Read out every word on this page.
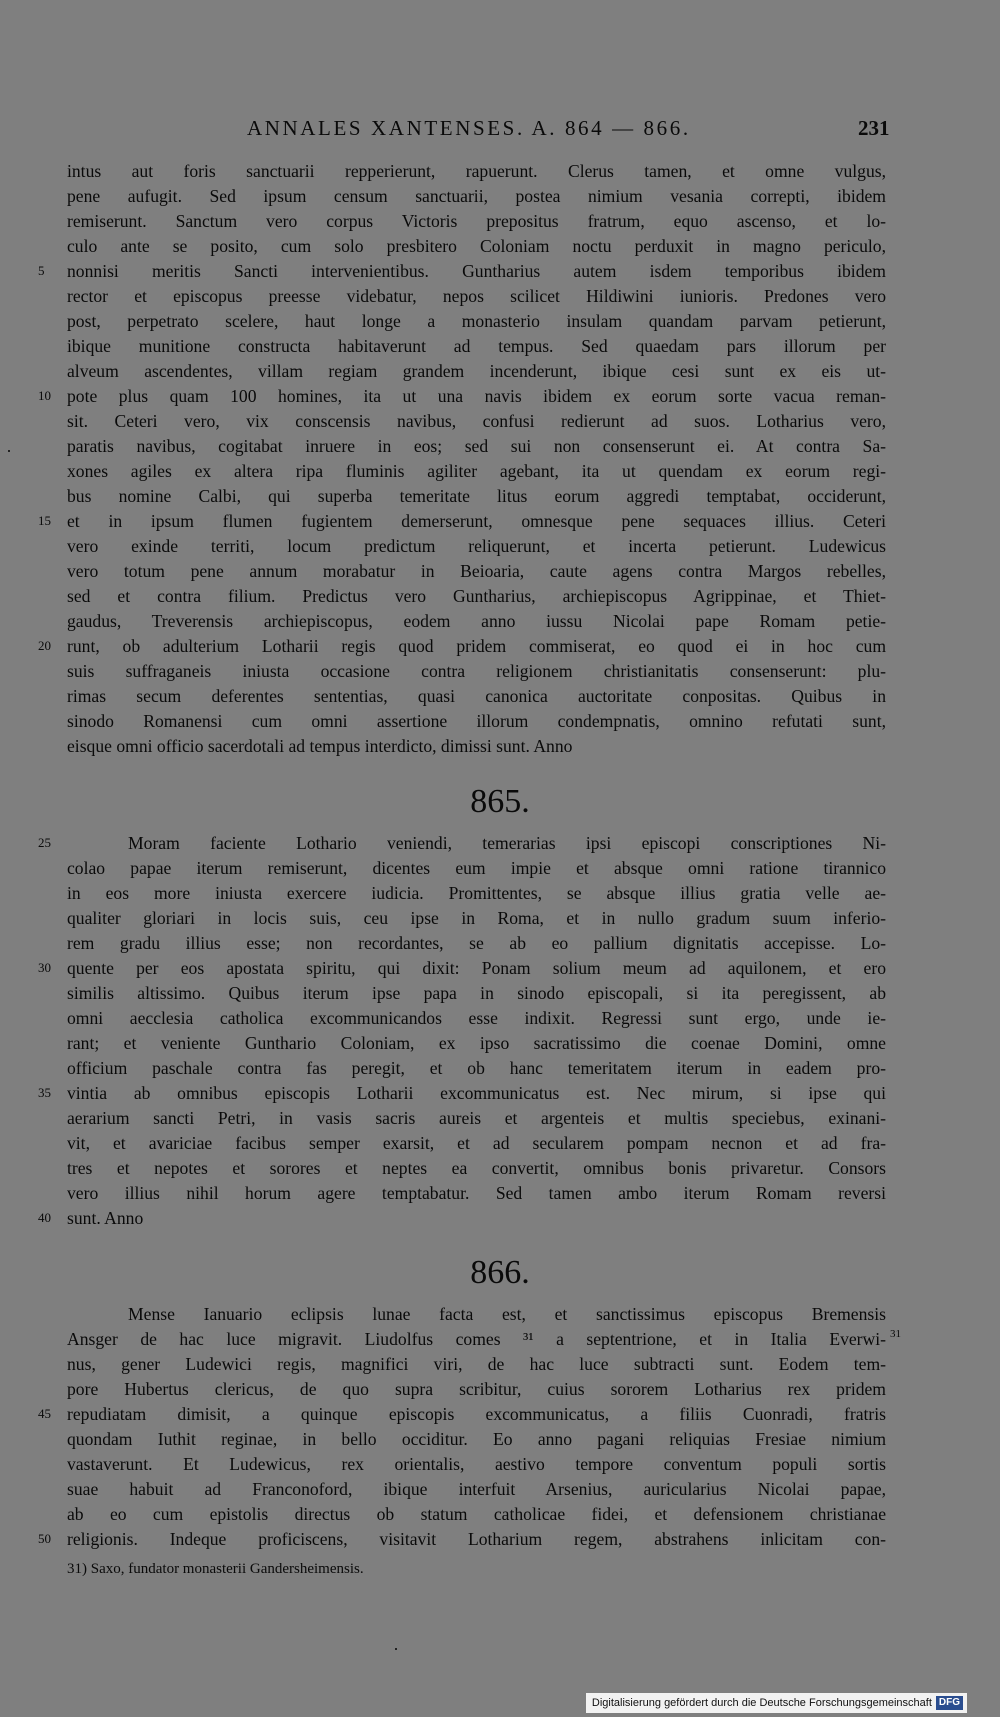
ANNALES XANTENSES. A. 864 — 866.	231
intus aut foris sanctuarii repperierunt, rapuerunt. Clerus tamen, et omne vulgus,
pene aufugit. Sed ipsum censum sanctuarii, postea nimium vesania correpti, ibidem
remiserunt. Sanctum vero corpus Victoris prepositus fratrum, equo ascenso, et lo-
culo ante se posito, cum solo presbitero Coloniam noctu perduxit in magno periculo,
nonnisi meritis Sancti intervenientibus. Guntharius autem isdem temporibus ibidem
rector et episcopus preesse videbatur, nepos scilicet Hildiwini iunioris. Predones vero
post, perpetrato scelere, haut longe a monasterio insulam quandam parvam petierunt,
ibique munitione constructa habitaverunt ad tempus. Sed quaedam pars illorum per
alveum ascendentes, villam regiam grandem incenderunt, ibique cesi sunt ex eis ut-
pote plus quam 100 homines, ita ut una navis ibidem ex eorum sorte vacua reman-
sit. Ceteri vero, vix conscensis navibus, confusi redierunt ad suos. Lotharius vero,
paratis navibus, cogitabat inruere in eos; sed sui non consenserunt ei. At contra Sa-
xones agiles ex altera ripa fluminis agiliter agebant, ita ut quendam ex eorum regi-
bus nomine Calbi, qui superba temeritate litus eorum aggredi temptabat, occiderunt,
et in ipsum flumen fugientem demerserunt, omnesque pene sequaces illius. Ceteri
vero exinde territi, locum predictum reliquerunt, et incerta petierunt. Ludewicus
vero totum pene annum morabatur in Beioaria, caute agens contra Margos rebelles,
sed et contra filium. Predictus vero Guntharius, archiepiscopus Agrippinae, et Thiet-
gaudus, Treverensis archiepiscopus, eodem anno iussu Nicolai pape Romam petie-
runt, ob adulterium Lotharii regis quod pridem commiserat, eo quod ei in hoc cum
suis suffraganeis iniusta occasione contra religionem christianitatis consenserunt: plu-
rimas secum deferentes sententias, quasi canonica auctoritate conpositas. Quibus in
sinodo Romanensi cum omni assertione illorum condempnatis, omnino refutati sunt,
eisque omni officio sacerdotali ad tempus interdicto, dimissi sunt. Anno
865.
Moram faciente Lothario veniendi, temerarias ipsi episcopi conscriptiones Ni-
colao papae iterum remiserunt, dicentes eum impie et absque omni ratione tirannico
in eos more iniusta exercere iudicia. Promittentes, se absque illius gratia velle ae-
qualiter gloriari in locis suis, ceu ipse in Roma, et in nullo gradum suum inferio-
rem gradu illius esse; non recordantes, se ab eo pallium dignitatis accepisse. Lo-
quente per eos apostata spiritu, qui dixit: Ponam solium meum ad aquilonem, et ero
similis altissimo. Quibus iterum ipse papa in sinodo episcopali, si ita peregissent, ab
omni aecclesia catholica excommunicandos esse indixit. Regressi sunt ergo, unde ie-
rant; et veniente Gunthario Coloniam, ex ipso sacratissimo die coenae Domini, omne
officium paschale contra fas peregit, et ob hanc temeritatem iterum in eadem pro-
vintia ab omnibus episcopis Lotharii excommunicatus est. Nec mirum, si ipse qui
aerarium sancti Petri, in vasis sacris aureis et argenteis et multis speciebus, exinani-
vit, et avariciae facibus semper exarsit, et ad secularem pompam necnon et ad fra-
tres et nepotes et sorores et neptes ea convertit, omnibus bonis privaretur. Consors
vero illius nihil horum agere temptabatur. Sed tamen ambo iterum Romam reversi
sunt. Anno
866.
Mense Ianuario eclipsis lunae facta est, et sanctissimus episcopus Bremensis
Ansger de hac luce migravit. Liudolfus comes ³¹ a septentrione, et in Italia Everwi-
nus, gener Ludewici regis, magnifici viri, de hac luce subtracti sunt. Eodem tem-
pore Hubertus clericus, de quo supra scribitur, cuius sororem Lotharius rex pridem
repudiatam dimisit, a quinque episcopis excommunicatus, a filiis Cuonradi, fratris
quondam Iuthit reginae, in bello occiditur. Eo anno pagani reliquias Fresiae nimium
vastaverunt. Et Ludewicus, rex orientalis, aestivo tempore conventum populi sortis
suae habuit ad Franconoford, ibique interfuit Arsenius, auricularius Nicolai papae,
ab eo cum epistolis directus ob statum catholicae fidei, et defensionem christianae
religionis. Indeque proficiscens, visitavit Lotharium regem, abstrahens inlicitam con-
5
10
15
20
25
30
35
40
45
50
31
31) Saxo, fundator monasterii Gandersheimensis.
Digitalisierung gefördert durch die Deutsche Forschungsgemeinschaft DFG
